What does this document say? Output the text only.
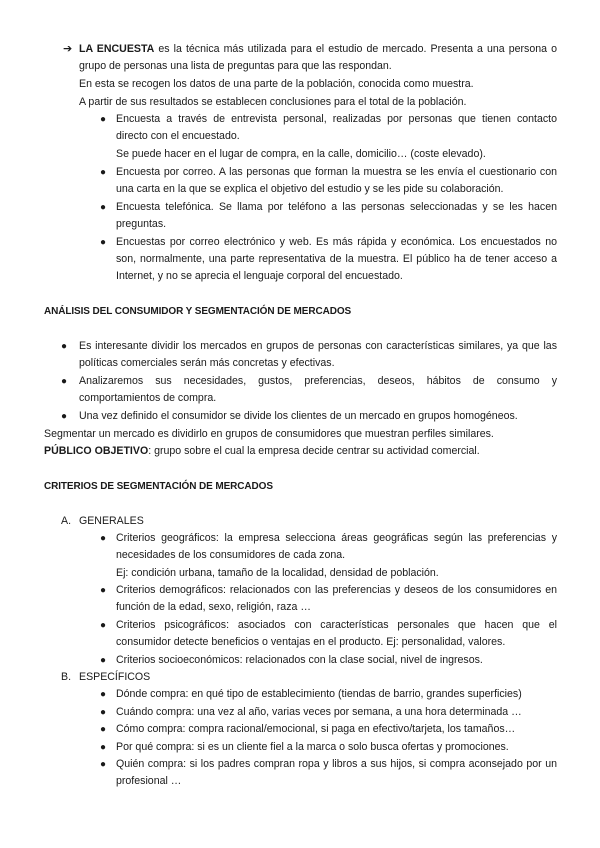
➔ LA ENCUESTA es la técnica más utilizada para el estudio de mercado. Presenta a una persona o grupo de personas una lista de preguntas para que las respondan.
En esta se recogen los datos de una parte de la población, conocida como muestra.
A partir de sus resultados se establecen conclusiones para el total de la población.
● Encuesta a través de entrevista personal, realizadas por personas que tienen contacto directo con el encuestado.
Se puede hacer en el lugar de compra, en la calle, domicilio… (coste elevado).
● Encuesta por correo. A las personas que forman la muestra se les envía el cuestionario con una carta en la que se explica el objetivo del estudio y se les pide su colaboración.
● Encuesta telefónica. Se llama por teléfono a las personas seleccionadas y se les hacen preguntas.
● Encuestas por correo electrónico y web. Es más rápida y económica. Los encuestados no son, normalmente, una parte representativa de la muestra. El público ha de tener acceso a Internet, y no se aprecia el lenguaje corporal del encuestado.
ANÁLISIS DEL CONSUMIDOR Y SEGMENTACIÓN DE MERCADOS
● Es interesante dividir los mercados en grupos de personas con características similares, ya que las políticas comerciales serán más concretas y efectivas.
● Analizaremos sus necesidades, gustos, preferencias, deseos, hábitos de consumo y comportamientos de compra.
● Una vez definido el consumidor se divide los clientes de un mercado en grupos homogéneos.
Segmentar un mercado es dividirlo en grupos de consumidores que muestran perfiles similares.
PÚBLICO OBJETIVO: grupo sobre el cual la empresa decide centrar su actividad comercial.
CRITERIOS DE SEGMENTACIÓN DE MERCADOS
A. GENERALES
● Criterios geográficos: la empresa selecciona áreas geográficas según las preferencias y necesidades de los consumidores de cada zona.
Ej: condición urbana, tamaño de la localidad, densidad de población.
● Criterios demográficos: relacionados con las preferencias y deseos de los consumidores en función de la edad, sexo, religión, raza …
● Criterios psicográficos: asociados con características personales que hacen que el consumidor detecte beneficios o ventajas en el producto. Ej: personalidad, valores.
● Criterios socioeconómicos: relacionados con la clase social, nivel de ingresos.
B. ESPECÍFICOS
● Dónde compra: en qué tipo de establecimiento (tiendas de barrio, grandes superficies)
● Cuándo compra: una vez al año, varias veces por semana, a una hora determinada …
● Cómo compra: compra racional/emocional, si paga en efectivo/tarjeta, los tamaños…
● Por qué compra: si es un cliente fiel a la marca o solo busca ofertas y promociones.
● Quién compra: si los padres compran ropa y libros a sus hijos, si compra aconsejado por un profesional …
